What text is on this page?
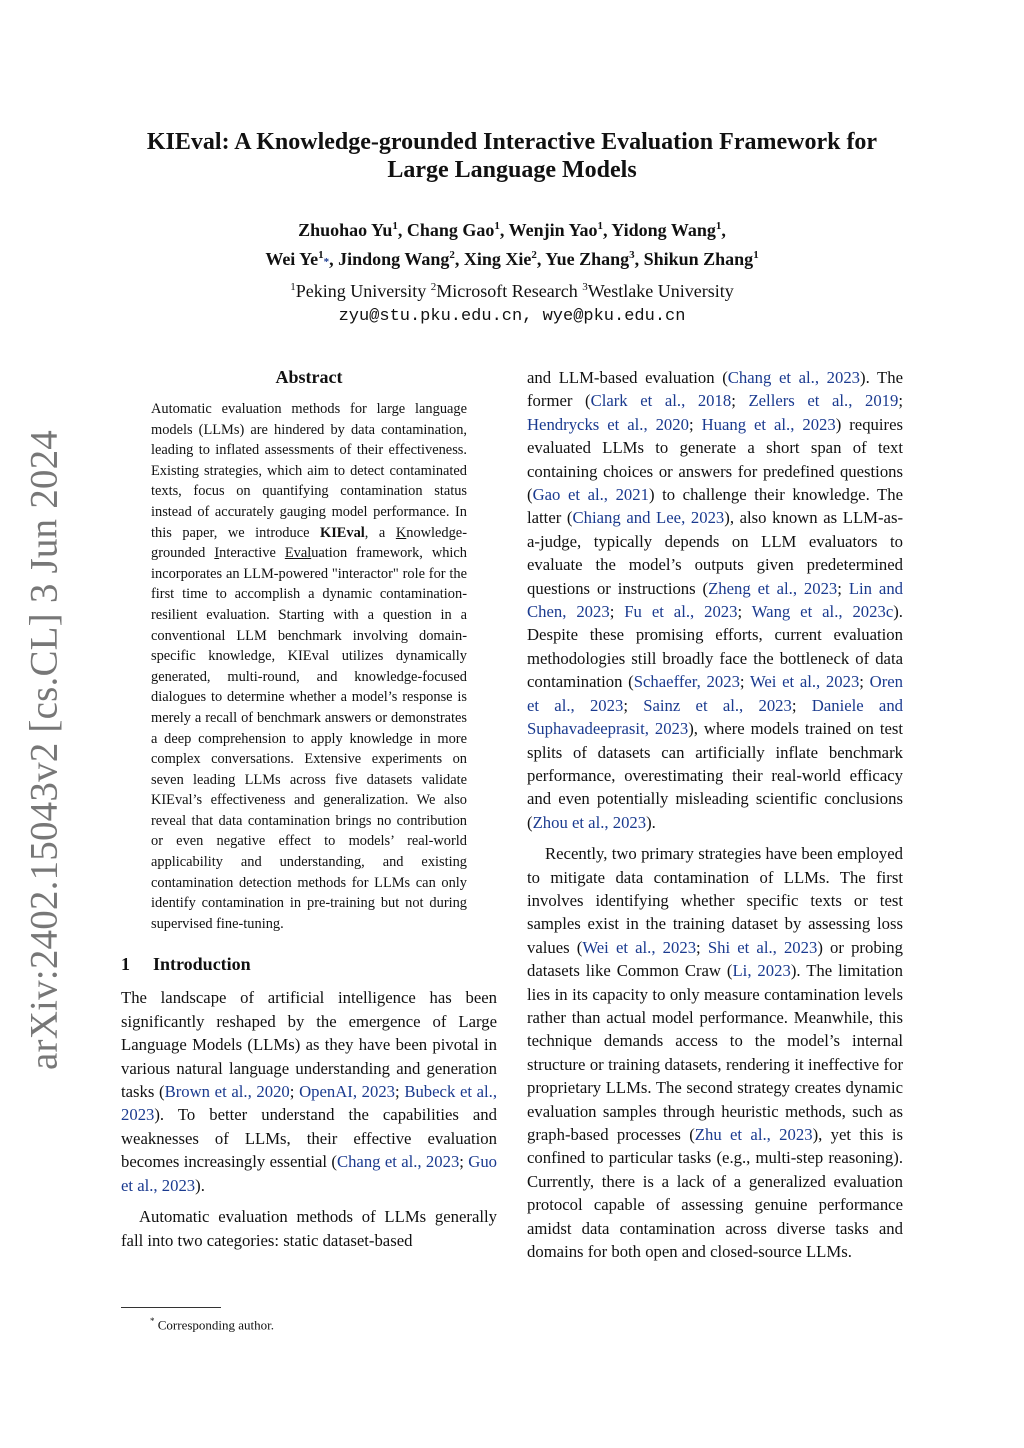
arXiv:2402.15043v2 [cs.CL] 3 Jun 2024
KIEval: A Knowledge-grounded Interactive Evaluation Framework for
Large Language Models
Zhuohao Yu$^1$, Chang Gao$^1$, Wenjin Yao$^1$, Yidong Wang$^1$,
Wei Ye$^1$*, Jindong Wang$^2$, Xing Xie$^2$, Yue Zhang$^3$, Shikun Zhang$^1$
$^1$Peking University $^2$Microsoft Research $^3$Westlake University
zyu@stu.pku.edu.cn, wye@pku.edu.cn
Abstract

Automatic evaluation methods for large language models (LLMs) are hindered by data contamination, leading to inflated assessments of their effectiveness. Existing strategies, which aim to detect contaminated texts, focus on quantifying contamination status instead of accurately gauging model performance. In this paper, we introduce KIEval, a Knowledge-grounded Interactive Evaluation framework, which incorporates an LLM-powered "interactor" role for the first time to accomplish a dynamic contamination-resilient evaluation. Starting with a question in a conventional LLM benchmark involving domain-specific knowledge, KIEval utilizes dynamically generated, multi-round, and knowledge-focused dialogues to determine whether a model’s response is merely a recall of benchmark answers or demonstrates a deep comprehension to apply knowledge in more complex conversations. Extensive experiments on seven leading LLMs across five datasets validate KIEval’s effectiveness and generalization. We also reveal that data contamination brings no contribution or even negative effect to models’ real-world applicability and understanding, and existing contamination detection methods for LLMs can only identify contamination in pre-training but not during supervised fine-tuning.

1 Introduction

The landscape of artificial intelligence has been significantly reshaped by the emergence of Large Language Models (LLMs) as they have been pivotal in various natural language understanding and generation tasks (Brown et al., 2020; OpenAI, 2023; Bubeck et al., 2023). To better understand the capabilities and weaknesses of LLMs, their effective evaluation becomes increasingly essential (Chang et al., 2023; Guo et al., 2023).

Automatic evaluation methods of LLMs generally fall into two categories: static dataset-based

* Corresponding author.

and LLM-based evaluation (Chang et al., 2023). The former (Clark et al., 2018; Zellers et al., 2019; Hendrycks et al., 2020; Huang et al., 2023) requires evaluated LLMs to generate a short span of text containing choices or answers for predefined questions (Gao et al., 2021) to challenge their knowledge. The latter (Chiang and Lee, 2023), also known as LLM-as-a-judge, typically depends on LLM evaluators to evaluate the model’s outputs given predetermined questions or instructions (Zheng et al., 2023; Lin and Chen, 2023; Fu et al., 2023; Wang et al., 2023c). Despite these promising efforts, current evaluation methodologies still broadly face the bottleneck of data contamination (Schaeffer, 2023; Wei et al., 2023; Oren et al., 2023; Sainz et al., 2023; Daniele and Suphavadeeprasit, 2023), where models trained on test splits of datasets can artificially inflate benchmark performance, overestimating their real-world efficacy and even potentially misleading scientific conclusions (Zhou et al., 2023).

Recently, two primary strategies have been employed to mitigate data contamination of LLMs. The first involves identifying whether specific texts or test samples exist in the training dataset by assessing loss values (Wei et al., 2023; Shi et al., 2023) or probing datasets like Common Craw (Li, 2023). The limitation lies in its capacity to only measure contamination levels rather than actual model performance. Meanwhile, this technique demands access to the model’s internal structure or training datasets, rendering it ineffective for proprietary LLMs. The second strategy creates dynamic evaluation samples through heuristic methods, such as graph-based processes (Zhu et al., 2023), yet this is confined to particular tasks (e.g., multi-step reasoning). Currently, there is a lack of a generalized evaluation protocol capable of assessing genuine performance amidst data contamination across diverse tasks and domains for both open and closed-source LLMs.
